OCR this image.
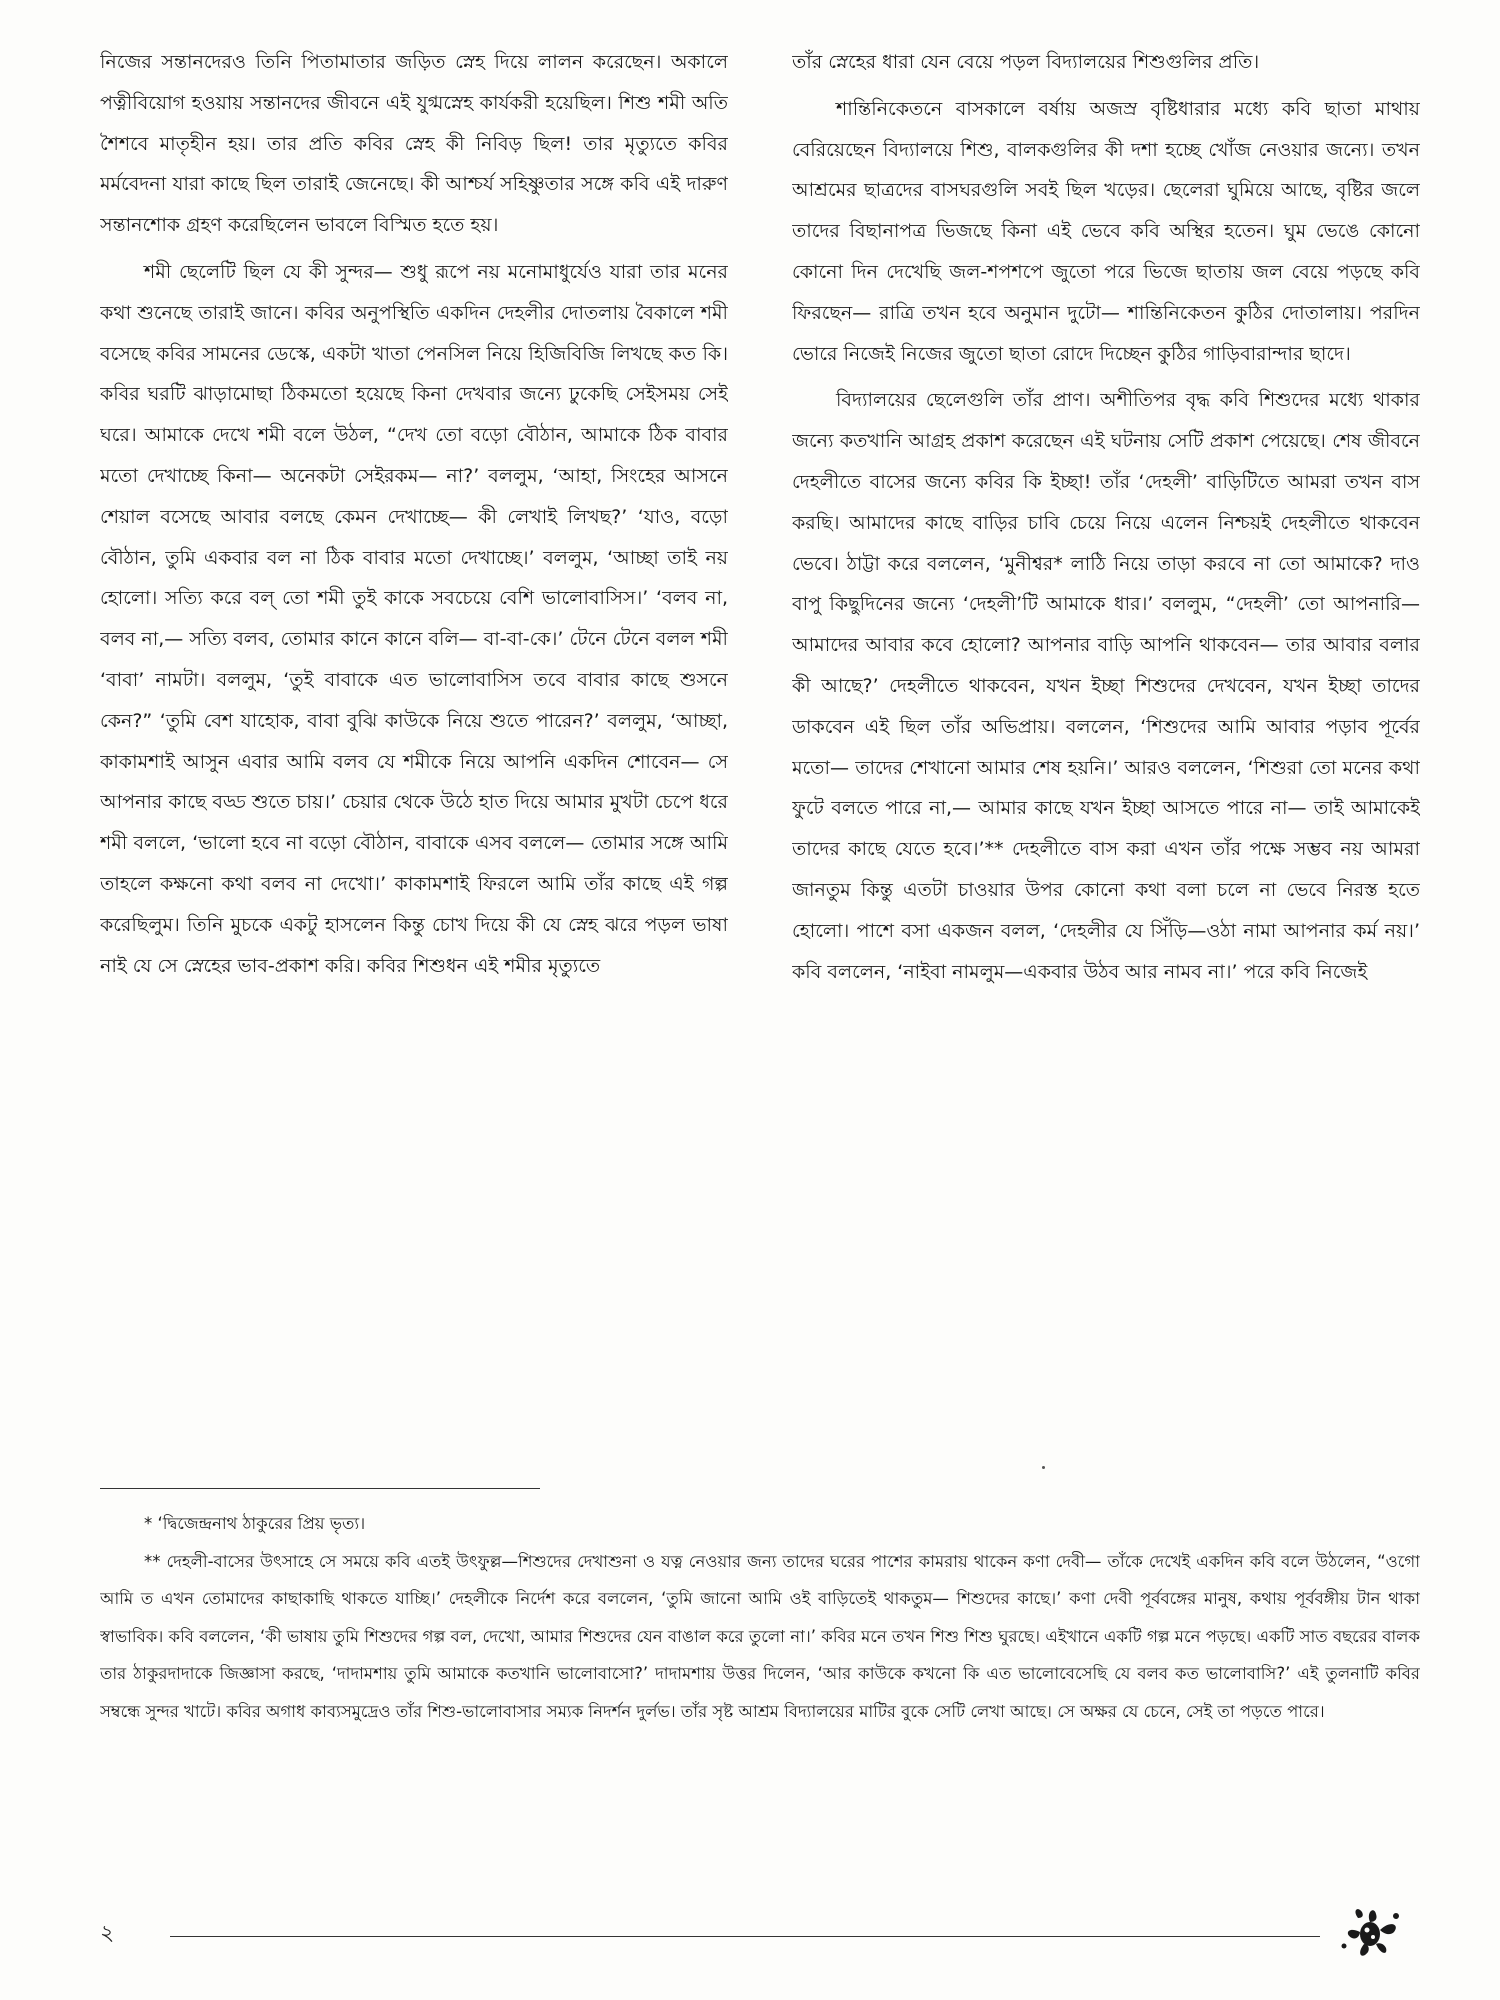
নিজের সন্তানদেরও তিনি পিতামাতার জড়িত স্নেহ দিয়ে লালন করেছেন। অকালে পত্নীবিয়োগ হওয়ায় সন্তানদের জীবনে এই যুগ্মস্নেহ কার্যকরী হয়েছিল। শিশু শমী অতি শৈশবে মাতৃহীন হয়। তার প্রতি কবির স্নেহ কী নিবিড় ছিল! তার মৃত্যুতে কবির মর্মবেদনা যারা কাছে ছিল তারাই জেনেছে। কী আশ্চর্য সহিষ্ণুতার সঙ্গে কবি এই দারুণ সন্তানশোক গ্রহণ করেছিলেন ভাবলে বিস্মিত হতে হয়।

শমী ছেলেটি ছিল যে কী সুন্দর— শুধু রূপে নয় মনোমাধুর্যেও যারা তার মনের কথা শুনেছে তারাই জানে। কবির অনুপস্থিতি একদিন দেহলীর দোতলায় বৈকালে শমী বসেছে কবির সামনের ডেস্কে, একটা খাতা পেনসিল নিয়ে হিজিবিজি লিখছে কত কি। কবির ঘরটি ঝাড়ামোছা ঠিকমতো হয়েছে কিনা দেখবার জন্যে ঢুকেছি সেইসময় সেই ঘরে। আমাকে দেখে শমী বলে উঠল, “দেখ তো বড়ো বৌঠান, আমাকে ঠিক বাবার মতো দেখাচ্ছে কিনা— অনেকটা সেইরকম— না?’ বললুম, ‘আহা, সিংহের আসনে শেয়াল বসেছে আবার বলছে কেমন দেখাচ্ছে— কী লেখাই লিখছ?’ ‘যাও, বড়ো বৌঠান, তুমি একবার বল না ঠিক বাবার মতো দেখাচ্ছে।’ বললুম, ‘আচ্ছা তাই নয় হোলো। সত্যি করে বল্ তো শমী তুই কাকে সবচেয়ে বেশি ভালোবাসিস।’ ‘বলব না, বলব না,— সত্যি বলব, তোমার কানে কানে বলি— বা-বা-কে।’ টেনে টেনে বলল শমী ‘বাবা’ নামটা। বললুম, ‘তুই বাবাকে এত ভালোবাসিস তবে বাবার কাছে শুসনে কেন?” ‘তুমি বেশ যাহোক, বাবা বুঝি কাউকে নিয়ে শুতে পারেন?’ বললুম, ‘আচ্ছা, কাকামশাই আসুন এবার আমি বলব যে শমীকে নিয়ে আপনি একদিন শোবেন— সে আপনার কাছে বড্ড শুতে চায়।’ চেয়ার থেকে উঠে হাত দিয়ে আমার মুখটা চেপে ধরে শমী বললে, ‘ভালো হবে না বড়ো বৌঠান, বাবাকে এসব বললে— তোমার সঙ্গে আমি তাহলে কক্ষনো কথা বলব না দেখো।’ কাকামশাই ফিরলে আমি তাঁর কাছে এই গল্প করেছিলুম। তিনি মুচকে একটু হাসলেন কিন্তু চোখ দিয়ে কী যে স্নেহ ঝরে পড়ল ভাষা নাই যে সে স্নেহের ভাব-প্রকাশ করি। কবির শিশুধন এই শমীর মৃত্যুতে

তাঁর স্নেহের ধারা যেন বেয়ে পড়ল বিদ্যালয়ের শিশুগুলির প্রতি।

শান্তিনিকেতনে বাসকালে বর্ষায় অজস্র বৃষ্টিধারার মধ্যে কবি ছাতা মাথায় বেরিয়েছেন বিদ্যালয়ে শিশু, বালকগুলির কী দশা হচ্ছে খোঁজ নেওয়ার জন্যে। তখন আশ্রমের ছাত্রদের বাসঘরগুলি সবই ছিল খড়ের। ছেলেরা ঘুমিয়ে আছে, বৃষ্টির জলে তাদের বিছানাপত্র ভিজছে কিনা এই ভেবে কবি অস্থির হতেন। ঘুম ভেঙে কোনো কোনো দিন দেখেছি জল-শপশপে জুতো পরে ভিজে ছাতায় জল বেয়ে পড়ছে কবি ফিরছেন— রাত্রি তখন হবে অনুমান দুটো— শান্তিনিকেতন কুঠির দোতালায়। পরদিন ভোরে নিজেই নিজের জুতো ছাতা রোদে দিচ্ছেন কুঠির গাড়িবারান্দার ছাদে।

বিদ্যালয়ের ছেলেগুলি তাঁর প্রাণ। অশীতিপর বৃদ্ধ কবি শিশুদের মধ্যে থাকার জন্যে কতখানি আগ্রহ প্রকাশ করেছেন এই ঘটনায় সেটি প্রকাশ পেয়েছে। শেষ জীবনে দেহলীতে বাসের জন্যে কবির কি ইচ্ছা! তাঁর ‘দেহলী’ বাড়িটিতে আমরা তখন বাস করছি। আমাদের কাছে বাড়ির চাবি চেয়ে নিয়ে এলেন নিশ্চয়ই দেহলীতে থাকবেন ভেবে। ঠাট্টা করে বললেন, ‘মুনীশ্বর* লাঠি নিয়ে তাড়া করবে না তো আমাকে? দাও বাপু কিছুদিনের জন্যে ‘দেহলী’টি আমাকে ধার।’ বললুম, “দেহলী’ তো আপনারি—আমাদের আবার কবে হোলো? আপনার বাড়ি আপনি থাকবেন— তার আবার বলার কী আছে?’ দেহলীতে থাকবেন, যখন ইচ্ছা শিশুদের দেখবেন, যখন ইচ্ছা তাদের ডাকবেন এই ছিল তাঁর অভিপ্রায়। বললেন, ‘শিশুদের আমি আবার পড়াব পূর্বের মতো— তাদের শেখানো আমার শেষ হয়নি।’ আরও বললেন, ‘শিশুরা তো মনের কথা ফুটে বলতে পারে না,— আমার কাছে যখন ইচ্ছা আসতে পারে না— তাই আমাকেই তাদের কাছে যেতে হবে।’** দেহলীতে বাস করা এখন তাঁর পক্ষে সম্ভব নয় আমরা জানতুম কিন্তু এতটা চাওয়ার উপর কোনো কথা বলা চলে না ভেবে নিরস্ত হতে হোলো। পাশে বসা একজন বলল, ‘দেহলীর যে সিঁড়ি—ওঠা নামা আপনার কর্ম নয়।’ কবি বললেন, ‘নাইবা নামলুম—একবার উঠব আর নামব না।’ পরে কবি নিজেই

* ‘দ্বিজেন্দ্রনাথ ঠাকুরের প্রিয় ভৃত্য।

** দেহলী-বাসের উৎসাহে সে সময়ে কবি এতই উৎফুল্ল—শিশুদের দেখাশুনা ও যত্ন নেওয়ার জন্য তাদের ঘরের পাশের কামরায় থাকেন কণা দেবী— তাঁকে দেখেই একদিন কবি বলে উঠলেন, “ওগো আমি ত এখন তোমাদের কাছাকাছি থাকতে যাচ্ছি।’ দেহলীকে নির্দেশ করে বললেন, ‘তুমি জানো আমি ওই বাড়িতেই থাকতুম— শিশুদের কাছে।’ কণা দেবী পূর্ববঙ্গের মানুষ, কথায় পূর্ববঙ্গীয় টান থাকা স্বাভাবিক। কবি বললেন, ‘কী ভাষায় তুমি শিশুদের গল্প বল, দেখো, আমার শিশুদের যেন বাঙাল করে তুলো না।’ কবির মনে তখন শিশু শিশু ঘুরছে। এইখানে একটি গল্প মনে পড়ছে। একটি সাত বছরের বালক তার ঠাকুরদাদাকে জিজ্ঞাসা করছে, ‘দাদামশায় তুমি আমাকে কতখানি ভালোবাসো?’ দাদামশায় উত্তর দিলেন, ‘আর কাউকে কখনো কি এত ভালোবেসেছি যে বলব কত ভালোবাসি?’ এই তুলনাটি কবির সম্বন্ধে সুন্দর খাটে। কবির অগাধ কাব্যসমুদ্রেও তাঁর শিশু-ভালোবাসার সম্যক নিদর্শন দুর্লভ। তাঁর সৃষ্ট আশ্রম বিদ্যালয়ের মাটির বুকে সেটি লেখা আছে। সে অক্ষর যে চেনে, সেই তা পড়তে পারে।

২
